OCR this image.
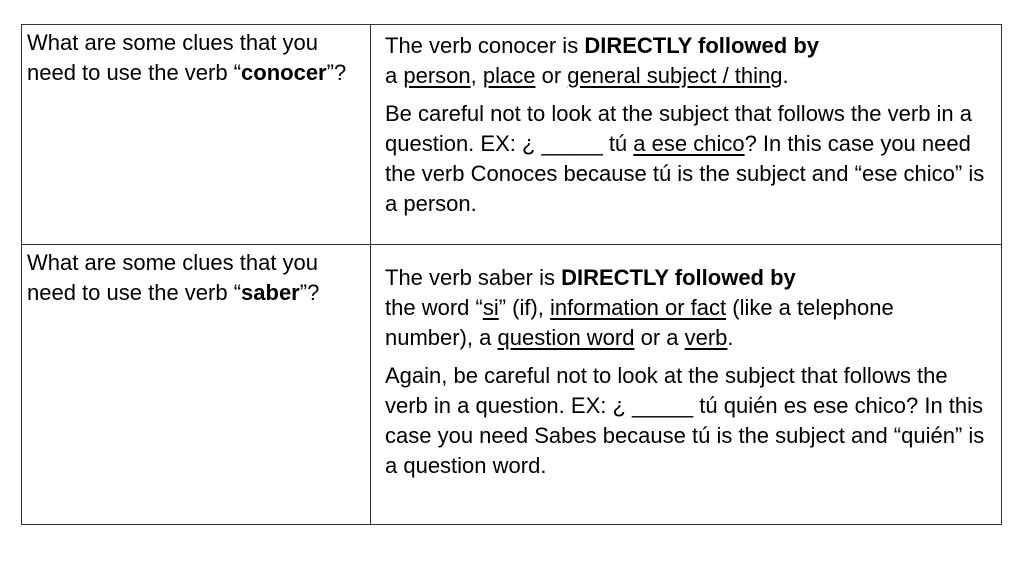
What are some clues that you need to use the verb “conocer”?	The verb conocer is DIRECTLY followed by
a person, place or general subject / thing.

Be careful not to look at the subject that follows the verb in a question. EX: ¿ _____ tú a ese chico? In this case you need the verb Conoces because tú is the subject and “ese chico” is a person.

What are some clues that you need to use the verb “saber”?	The verb saber is DIRECTLY followed by
the word “si” (if), information or fact (like a telephone number), a question word or a verb.

Again, be careful not to look at the subject that follows the verb in a question. EX: ¿ _____ tú quién es ese chico? In this case you need Sabes because tú is the subject and “quién” is a question word.
